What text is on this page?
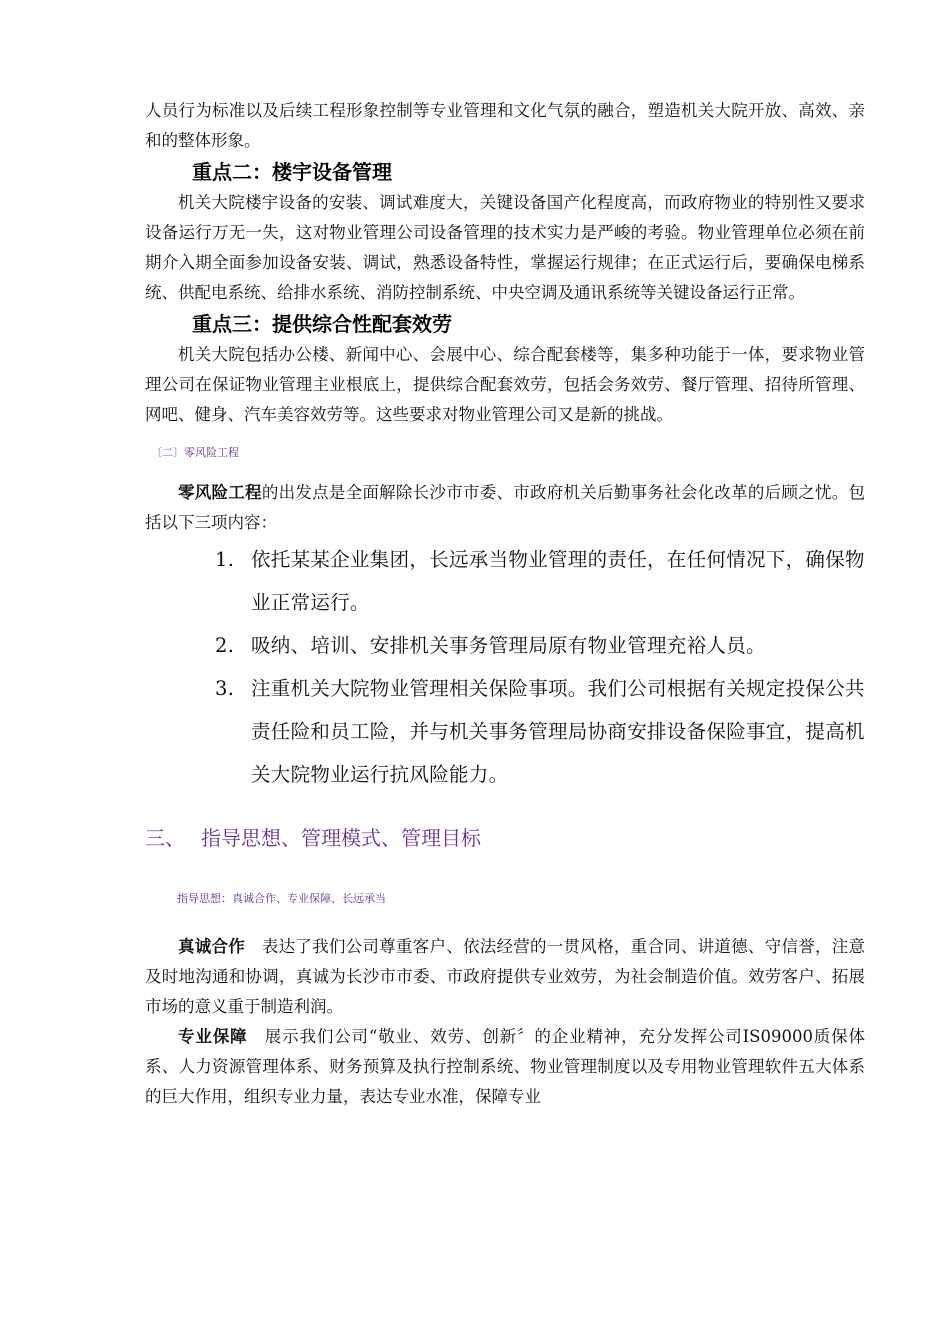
人员行为标准以及后续工程形象控制等专业管理和文化气氛的融合，塑造机关大院开放、高效、亲和的整体形象。

重点二：楼宇设备管理

机关大院楼宇设备的安装、调试难度大，关键设备国产化程度高，而政府物业的特别性又要求设备运行万无一失，这对物业管理公司设备管理的技术实力是严峻的考验。物业管理单位必须在前期介入期全面参加设备安装、调试，熟悉设备特性，掌握运行规律；在正式运行后，要确保电梯系统、供配电系统、给排水系统、消防控制系统、中央空调及通讯系统等关键设备运行正常。

重点三：提供综合性配套效劳

机关大院包括办公楼、新闻中心、会展中心、综合配套楼等，集多种功能于一体，要求物业管理公司在保证物业管理主业根底上，提供综合配套效劳，包括会务效劳、餐厅管理、招待所管理、网吧、健身、汽车美容效劳等。这些要求对物业管理公司又是新的挑战。

〔二〕零风险工程

零风险工程的出发点是全面解除长沙市市委、市政府机关后勤事务社会化改革的后顾之忧。包括以下三项内容：

1. 依托某某企业集团，长远承当物业管理的责任，在任何情况下，确保物业正常运行。
2. 吸纳、培训、安排机关事务管理局原有物业管理充裕人员。
3. 注重机关大院物业管理相关保险事项。我们公司根据有关规定投保公共责任险和员工险，并与机关事务管理局协商安排设备保险事宜，提高机关大院物业运行抗风险能力。
三、 指导思想、管理模式、管理目标
指导思想：真诚合作、专业保障、长远承当

真诚合作　表达了我们公司尊重客户、依法经营的一贯风格，重合同、讲道德、守信誉，注意及时地沟通和协调，真诚为长沙市市委、市政府提供专业效劳，为社会制造价值。效劳客户、拓展市场的意义重于制造利润。

专业保障　展示我们公司“敬业、效劳、创新〞的企业精神，充分发挥公司IS09000质保体系、人力资源管理体系、财务预算及执行控制系统、物业管理制度以及专用物业管理软件五大体系的巨大作用，组织专业力量，表达专业水准，保障专业
